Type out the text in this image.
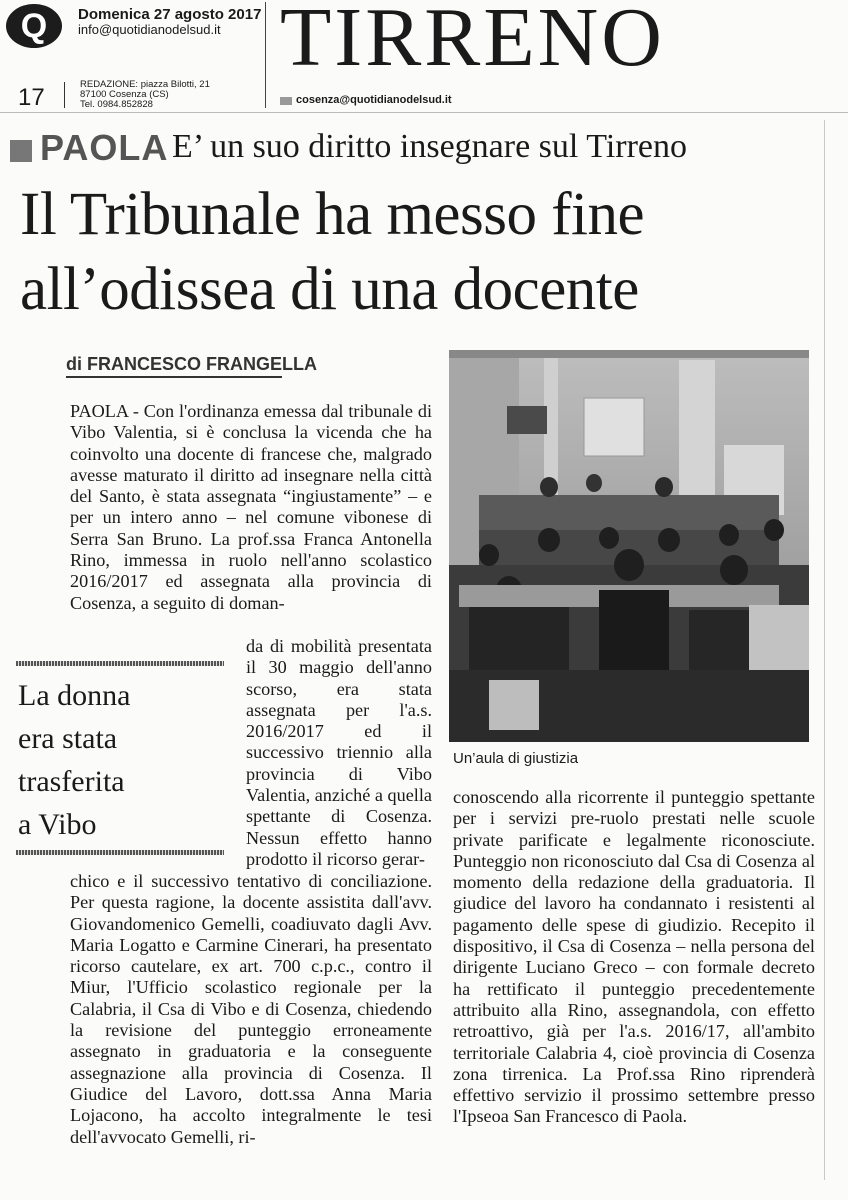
Q	Domenica 27 agosto 2017
info@quotidianodelsud.it
17	REDAZIONE: piazza Bilotti, 21
87100 Cosenza (CS)
Tel. 0984.852828
TIRRENO
cosenza@quotidianodelsud.it
PAOLA E’ un suo diritto insegnare sul Tirreno
Il Tribunale ha messo fine
all’odissea di una docente
di FRANCESCO FRANGELLA
Un’aula di giustizia
PAOLA - Con l'ordinanza emessa dal tribunale di Vibo Valentia, si è conclusa la vicenda che ha coinvolto una docente di francese che, malgrado avesse maturato il diritto ad insegnare nella città del Santo, è stata assegnata “ingiustamente” – e per un intero anno – nel comune vibonese di Serra San Bruno. La prof.ssa Franca Antonella Rino, immessa in ruolo nell'anno scolastico 2016/2017 ed assegnata alla provincia di Cosenza, a seguito di doman-
da di mobilità presentata il 30 maggio dell'anno scorso, era stata assegnata per l'a.s. 2016/2017 ed il successivo triennio alla provincia di Vibo Valentia, anziché a quella spettante di Cosenza. Nessun effetto hanno prodotto il ricorso gerar-
chico e il successivo tentativo di conciliazione. Per questa ragione, la docente assistita dall'avv. Giovandomenico Gemelli, coadiuvato dagli Avv. Maria Logatto e Carmine Cinerari, ha presentato ricorso cautelare, ex art. 700 c.p.c., contro il Miur, l'Ufficio scolastico regionale per la Calabria, il Csa di Vibo e di Cosenza, chiedendo la revisione del punteggio erroneamente assegnato in graduatoria e la conseguente assegnazione alla provincia di Cosenza. Il Giudice del Lavoro, dott.ssa Anna Maria Lojacono, ha accolto integralmente le tesi dell'avvocato Gemelli, ri-
conoscendo alla ricorrente il punteggio spettante per i servizi pre-ruolo prestati nelle scuole private parificate e legalmente riconosciute. Punteggio non riconosciuto dal Csa di Cosenza al momento della redazione della graduatoria. Il giudice del lavoro ha condannato i resistenti al pagamento delle spese di giudizio. Recepito il dispositivo, il Csa di Cosenza – nella persona del dirigente Luciano Greco – con formale decreto ha rettificato il punteggio precedentemente attribuito alla Rino, assegnandola, con effetto retroattivo, già per l'a.s. 2016/17, all'ambito territoriale Calabria 4, cioè provincia di Cosenza zona tirrenica. La Prof.ssa Rino riprenderà effettivo servizio il prossimo settembre presso l'Ipseoa San Francesco di Paola.
La donna
era stata
trasferita
a Vibo
